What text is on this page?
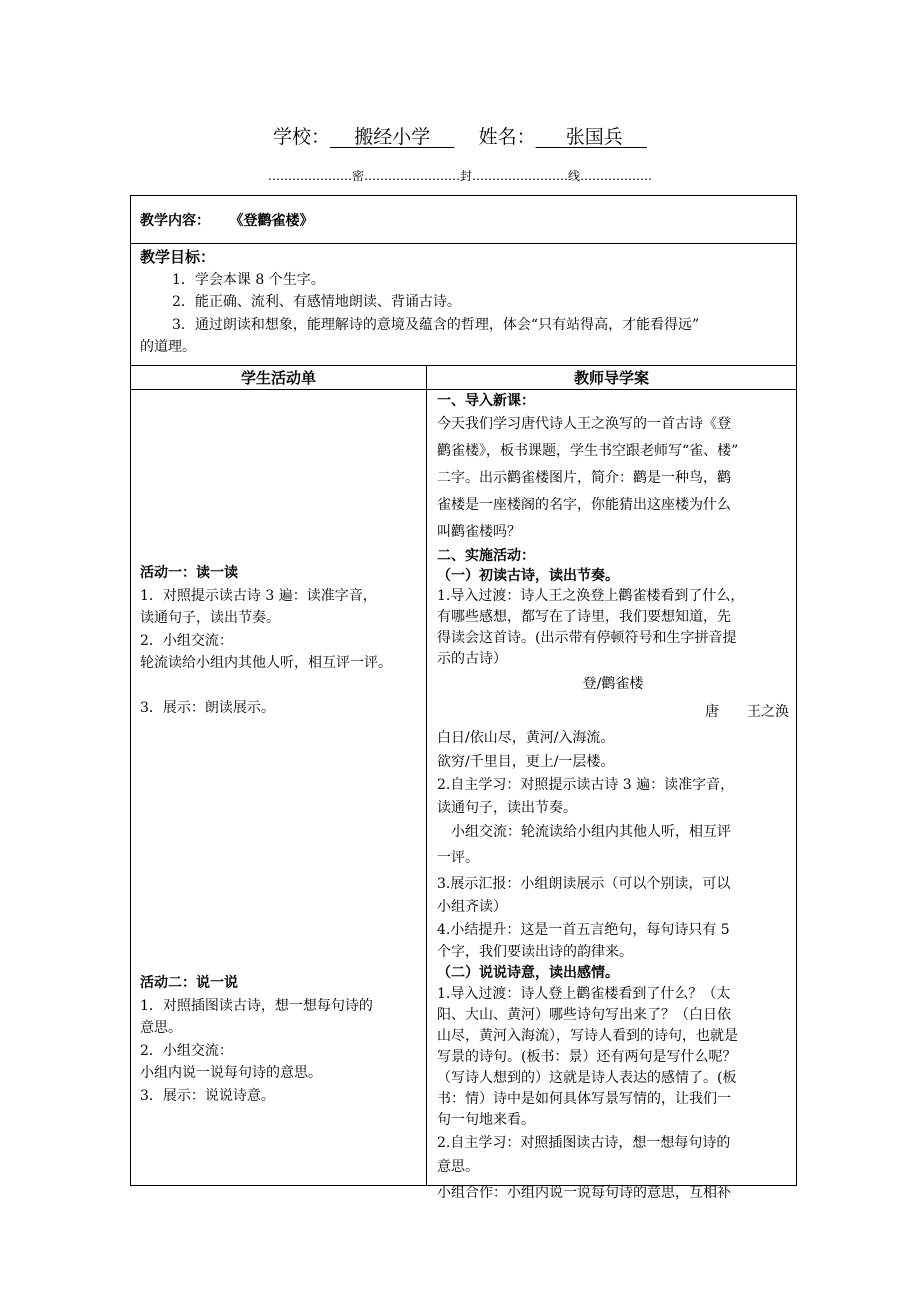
学校： 搬经小学	姓名： 张国兵
…………………密……………………封……………………线………………
教学内容： 《登鹳雀楼》

教学目标：

1．学会本课 8 个生字。

2．能正确、流利、有感情地朗读、背诵古诗。

3．通过朗读和想象，能理解诗的意境及蕴含的哲理，体会“只有站得高，才能看得远”

的道理。

学生活动单	教师导学案

活动一：读一读

1．对照提示读古诗 3 遍：读准字音，

读通句子，读出节奏。

2．小组交流：

轮流读给小组内其他人听，相互评一评。

3．展示：朗读展示。

活动二：说一说

1．对照插图读古诗，想一想每句诗的

意思。

2．小组交流：

小组内说一说每句诗的意思。

3．展示：说说诗意。

一、导入新课：

今天我们学习唐代诗人王之涣写的一首古诗《登

鹳雀楼》，板书课题，学生书空跟老师写“雀、楼”

二字。出示鹳雀楼图片，简介：鹳是一种鸟，鹳

雀楼是一座楼阁的名字，你能猜出这座楼为什么

叫鹳雀楼吗？

二、实施活动：

（一）初读古诗，读出节奏。

1.导入过渡：诗人王之涣登上鹳雀楼看到了什么，

有哪些感想，都写在了诗里，我们要想知道，先

得读会这首诗。(出示带有停顿符号和生字拼音提

示的古诗）

登/鹳雀楼

唐　　王之涣

白日/依山尽，黄河/入海流。

欲穷/千里目，更上/一层楼。

2.自主学习：对照提示读古诗 3 遍：读准字音，

读通句子，读出节奏。

　小组交流：轮流读给小组内其他人听，相互评

一评。

3.展示汇报：小组朗读展示（可以个别读，可以

小组齐读）

4.小结提升：这是一首五言绝句，每句诗只有 5

个字，我们要读出诗的韵律来。

（二）说说诗意，读出感情。

1.导入过渡：诗人登上鹳雀楼看到了什么？（太

阳、大山、黄河）哪些诗句写出来了？（白日依

山尽，黄河入海流），写诗人看到的诗句，也就是

写景的诗句。(板书：景）还有两句是写什么呢？

（写诗人想到的）这就是诗人表达的感情了。(板

书：情）诗中是如何具体写景写情的，让我们一

句一句地来看。

2.自主学习：对照插图读古诗，想一想每句诗的

意思。

小组合作：小组内说一说每句诗的意思，互相补
